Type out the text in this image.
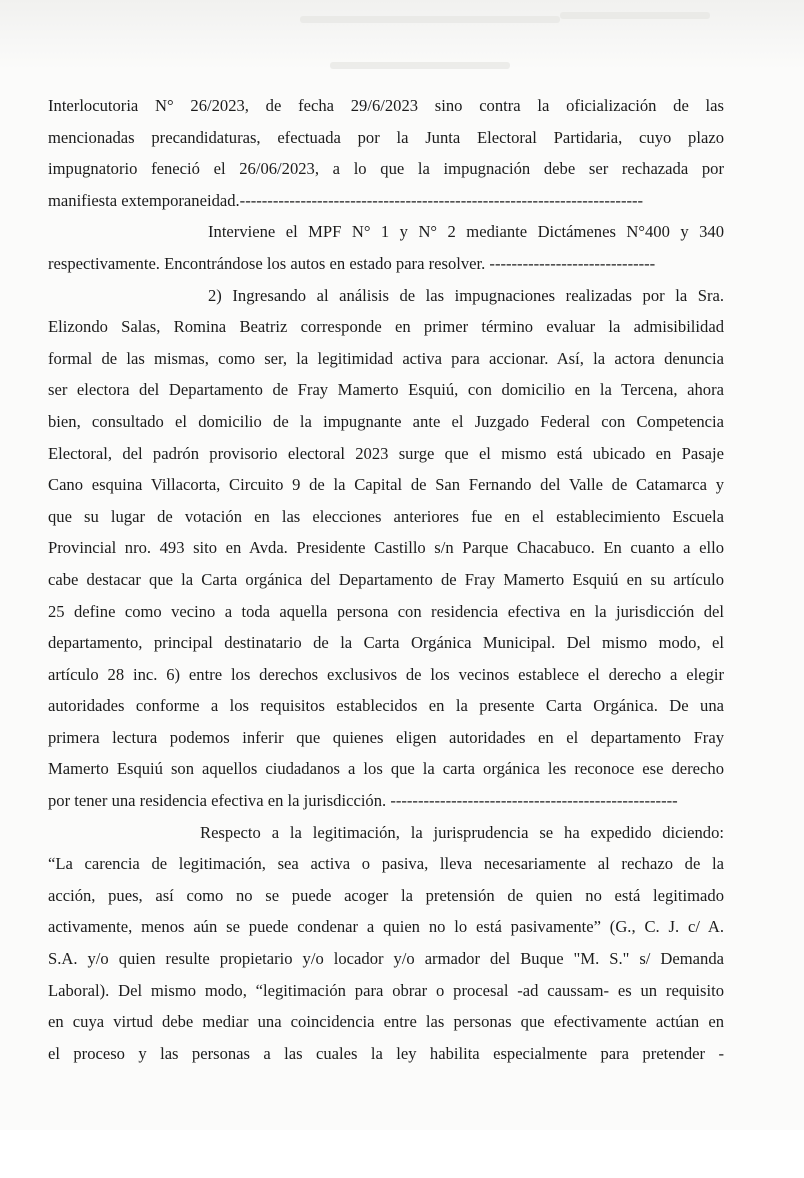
Interlocutoria N° 26/2023, de fecha 29/6/2023 sino contra la oficialización de las
mencionadas precandidaturas, efectuada por la Junta Electoral Partidaria, cuyo plazo
impugnatorio feneció el 26/06/2023, a lo que la impugnación debe ser rechazada por
manifiesta extemporaneidad.-------------------------------------------------------------------------
Interviene el MPF N° 1 y N° 2 mediante Dictámenes N°400 y 340
respectivamente. Encontrándose los autos en estado para resolver. ------------------------------
2) Ingresando al análisis de las impugnaciones realizadas por la Sra.
Elizondo Salas, Romina Beatriz corresponde en primer término evaluar la admisibilidad
formal de las mismas, como ser, la legitimidad activa para accionar. Así, la actora denuncia
ser electora del Departamento de Fray Mamerto Esquiú, con domicilio en la Tercena, ahora
bien, consultado el domicilio de la impugnante ante el Juzgado Federal con Competencia
Electoral, del padrón provisorio electoral 2023 surge que el mismo está ubicado en Pasaje
Cano esquina Villacorta, Circuito 9 de la Capital de San Fernando del Valle de Catamarca y
que su lugar de votación en las elecciones anteriores fue en el establecimiento Escuela
Provincial nro. 493 sito en Avda. Presidente Castillo s/n Parque Chacabuco. En cuanto a ello
cabe destacar que la Carta orgánica del Departamento de Fray Mamerto Esquiú en su artículo
25 define como vecino a toda aquella persona con residencia efectiva en la jurisdicción del
departamento, principal destinatario de la Carta Orgánica Municipal. Del mismo modo, el
artículo 28 inc. 6) entre los derechos exclusivos de los vecinos establece el derecho a elegir
autoridades conforme a los requisitos establecidos en la presente Carta Orgánica. De una
primera lectura podemos inferir que quienes eligen autoridades en el departamento Fray
Mamerto Esquiú son aquellos ciudadanos a los que la carta orgánica les reconoce ese derecho
por tener una residencia efectiva en la jurisdicción. ----------------------------------------------------
Respecto a la legitimación, la jurisprudencia se ha expedido diciendo:
“La carencia de legitimación, sea activa o pasiva, lleva necesariamente al rechazo de la
acción, pues, así como no se puede acoger la pretensión de quien no está legitimado
activamente, menos aún se puede condenar a quien no lo está pasivamente” (G., C. J. c/ A.
S.A. y/o quien resulte propietario y/o locador y/o armador del Buque "M. S." s/ Demanda
Laboral). Del mismo modo, “legitimación para obrar o procesal -ad caussam- es un requisito
en cuya virtud debe mediar una coincidencia entre las personas que efectivamente actúan en
el proceso y las personas a las cuales la ley habilita especialmente para pretender -
